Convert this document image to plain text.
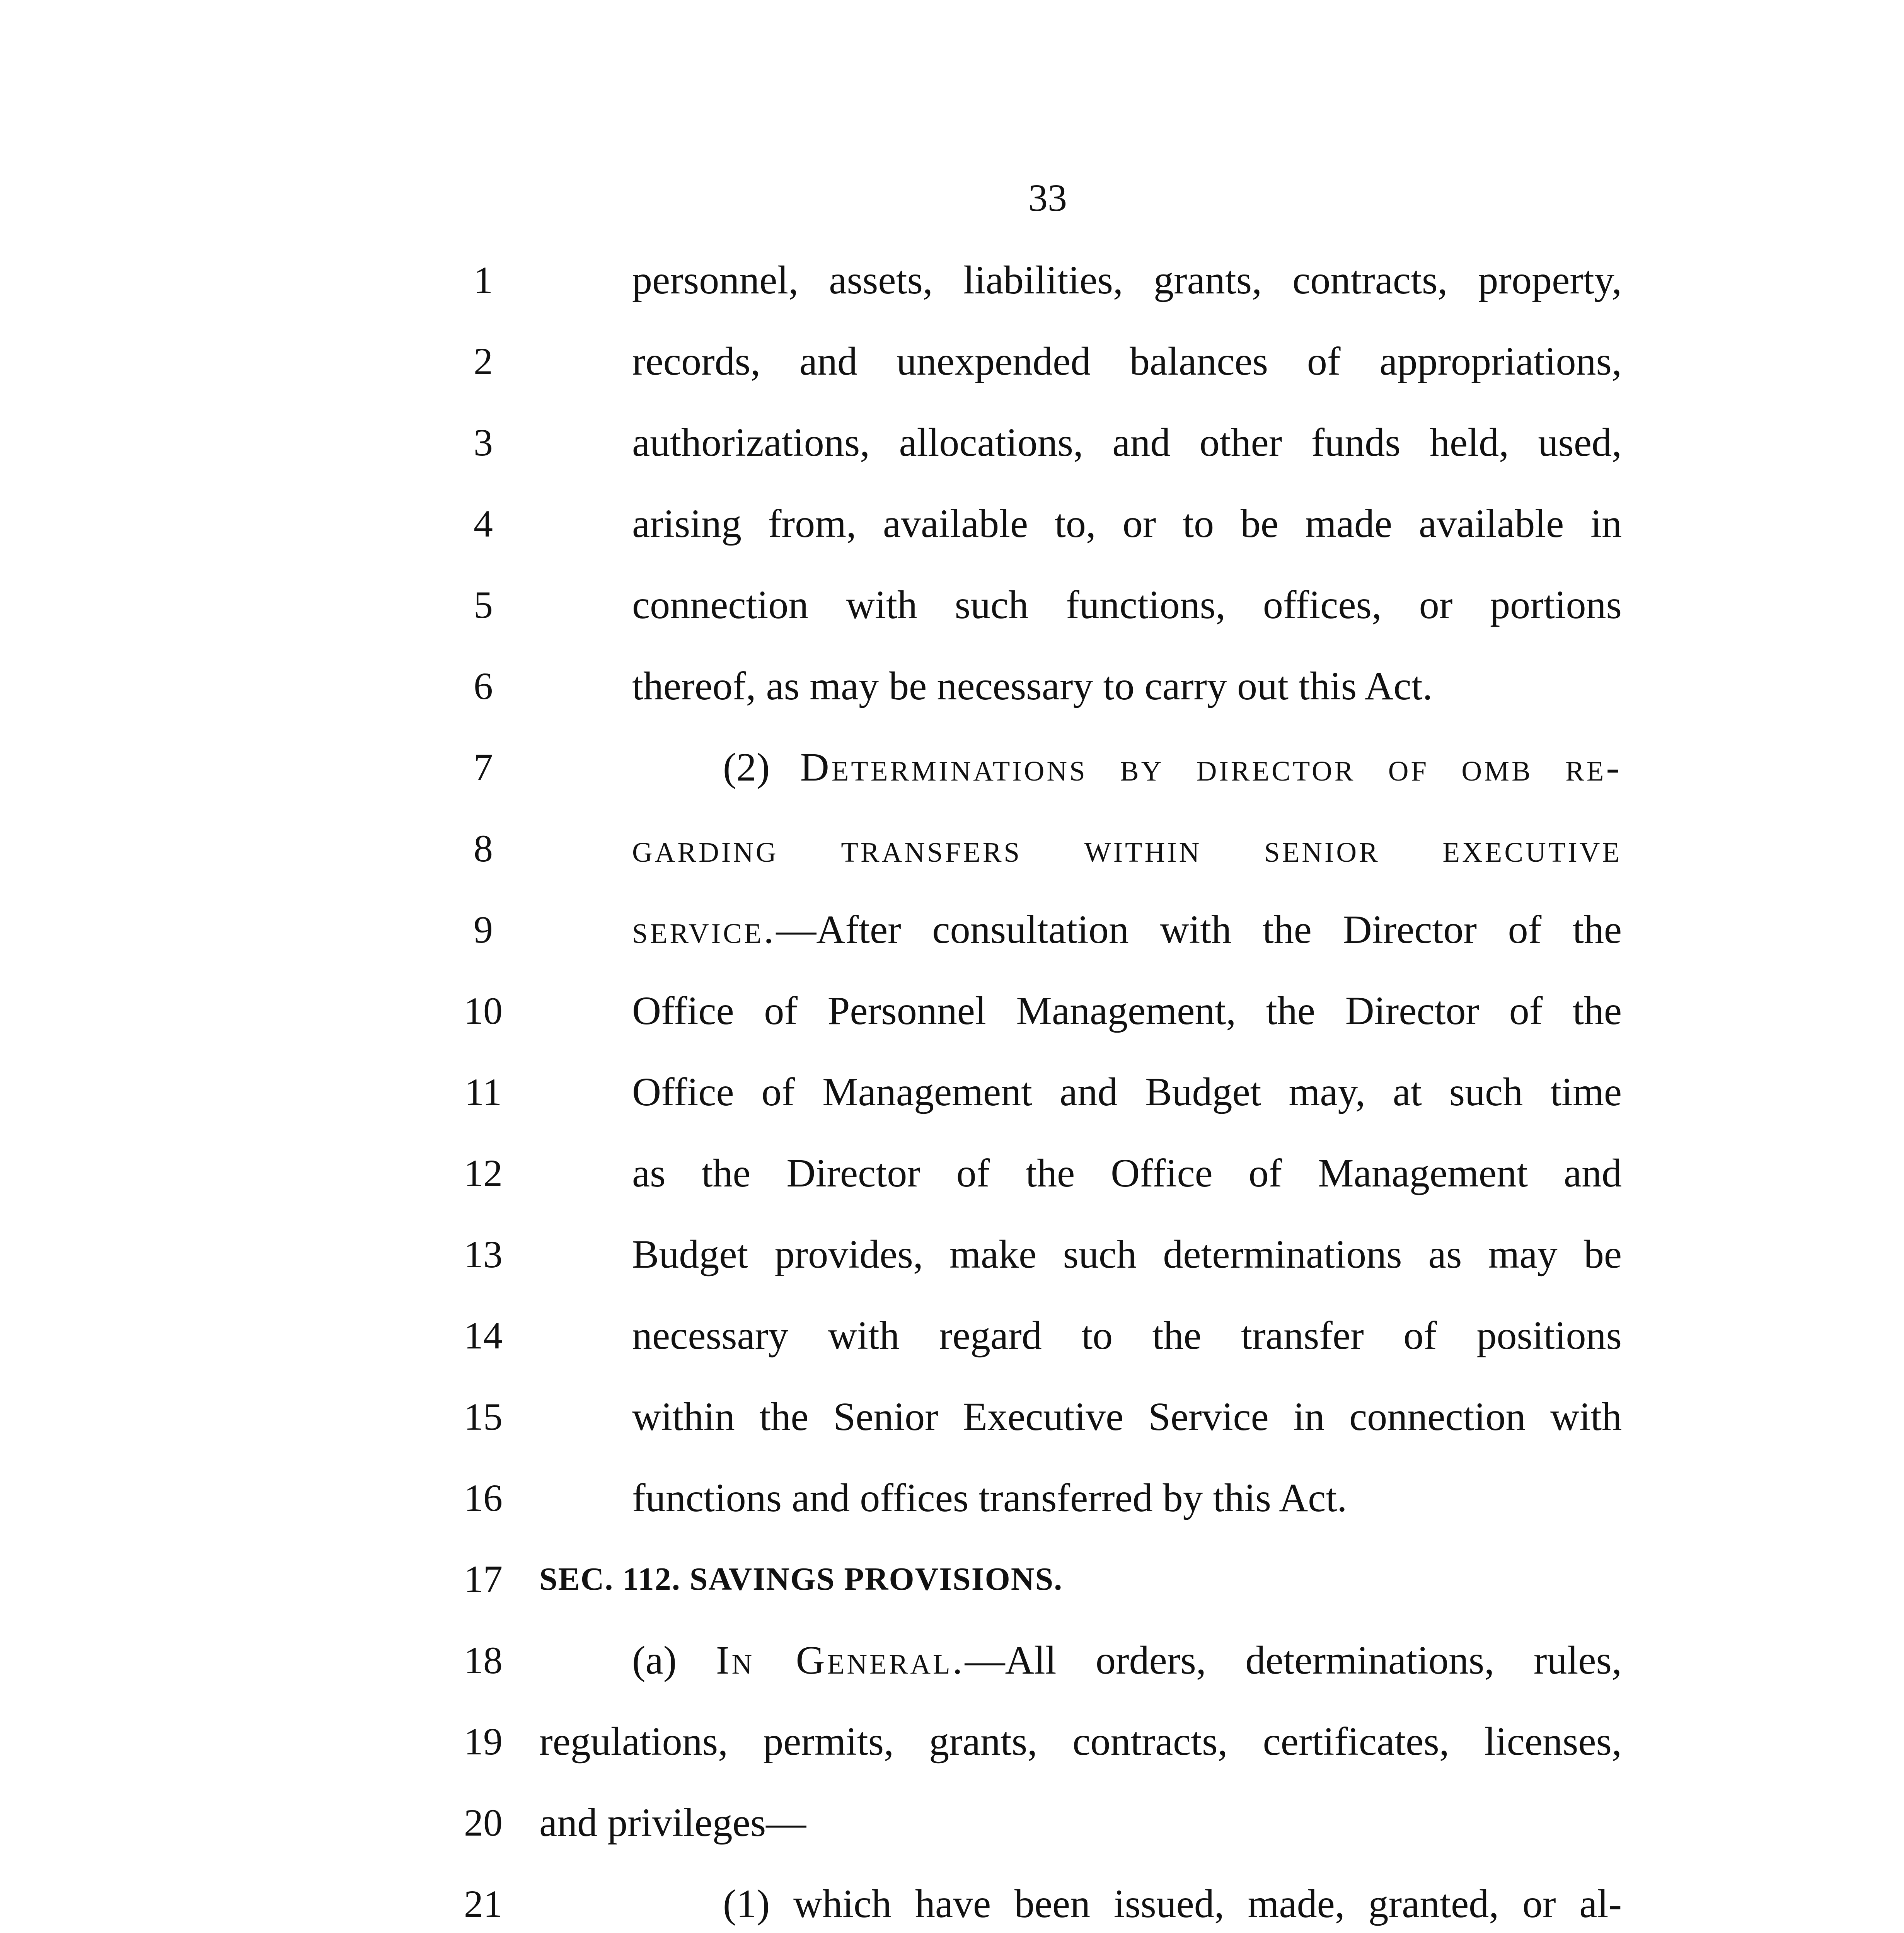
33
1	personnel, assets, liabilities, grants, contracts, property,
2	records, and unexpended balances of appropriations,
3	authorizations, allocations, and other funds held, used,
4	arising from, available to, or to be made available in
5	connection with such functions, offices, or portions
6	thereof, as may be necessary to carry out this Act.
7	(2) Determinations by director of omb re-
8	garding transfers within senior executive
9	service.—After consultation with the Director of the
10	Office of Personnel Management, the Director of the
11	Office of Management and Budget may, at such time
12	as the Director of the Office of Management and
13	Budget provides, make such determinations as may be
14	necessary with regard to the transfer of positions
15	within the Senior Executive Service in connection with
16	functions and offices transferred by this Act.
17	SEC. 112. SAVINGS PROVISIONS.
18	(a) In General.—All orders, determinations, rules,
19 regulations, permits, grants, contracts, certificates, licenses,
20 and privileges—
21	(1) which have been issued, made, granted, or al-
